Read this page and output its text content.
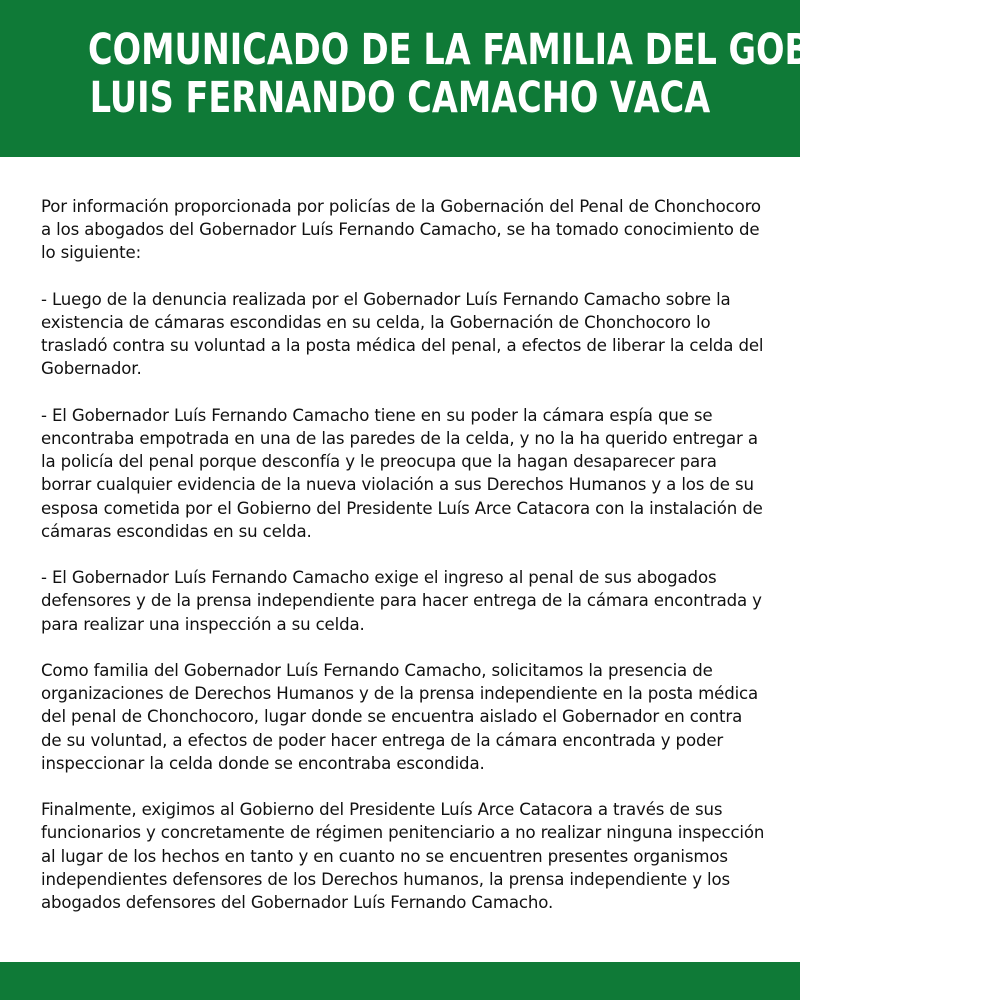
COMUNICADO DE LA FAMILIA DEL GOBERNADOR
LUIS FERNANDO CAMACHO VACA

Por información proporcionada por policías de la Gobernación del Penal de Chonchocoro a los abogados del Gobernador Luís Fernando Camacho, se ha tomado conocimiento de lo siguiente:

- Luego de la denuncia realizada por el Gobernador Luís Fernando Camacho sobre la existencia de cámaras escondidas en su celda, la Gobernación de Chonchocoro lo trasladó contra su voluntad a la posta médica del penal, a efectos de liberar la celda del Gobernador.

- El Gobernador Luís Fernando Camacho tiene en su poder la cámara espía que se encontraba empotrada en una de las paredes de la celda, y no la ha querido entregar a la policía del penal porque desconfía y le preocupa que la hagan desaparecer para borrar cualquier evidencia de la nueva violación a sus Derechos Humanos y a los de su esposa cometida por el Gobierno del Presidente Luís Arce Catacora con la instalación de cámaras escondidas en su celda.

- El Gobernador Luís Fernando Camacho exige el ingreso al penal de sus abogados defensores y de la prensa independiente para hacer entrega de la cámara encontrada y para realizar una inspección a su celda.

Como familia del Gobernador Luís Fernando Camacho, solicitamos la presencia de organizaciones de Derechos Humanos y de la prensa independiente en la posta médica del penal de Chonchocoro, lugar donde se encuentra aislado el Gobernador en contra de su voluntad, a efectos de poder hacer entrega de la cámara encontrada y poder inspeccionar la celda donde se encontraba escondida.

Finalmente, exigimos al Gobierno del Presidente Luís Arce Catacora a través de sus funcionarios y concretamente de régimen penitenciario a no realizar ninguna inspección al lugar de los hechos en tanto y en cuanto no se encuentren presentes organismos independientes defensores de los Derechos humanos, la prensa independiente y los abogados defensores del Gobernador Luís Fernando Camacho.
